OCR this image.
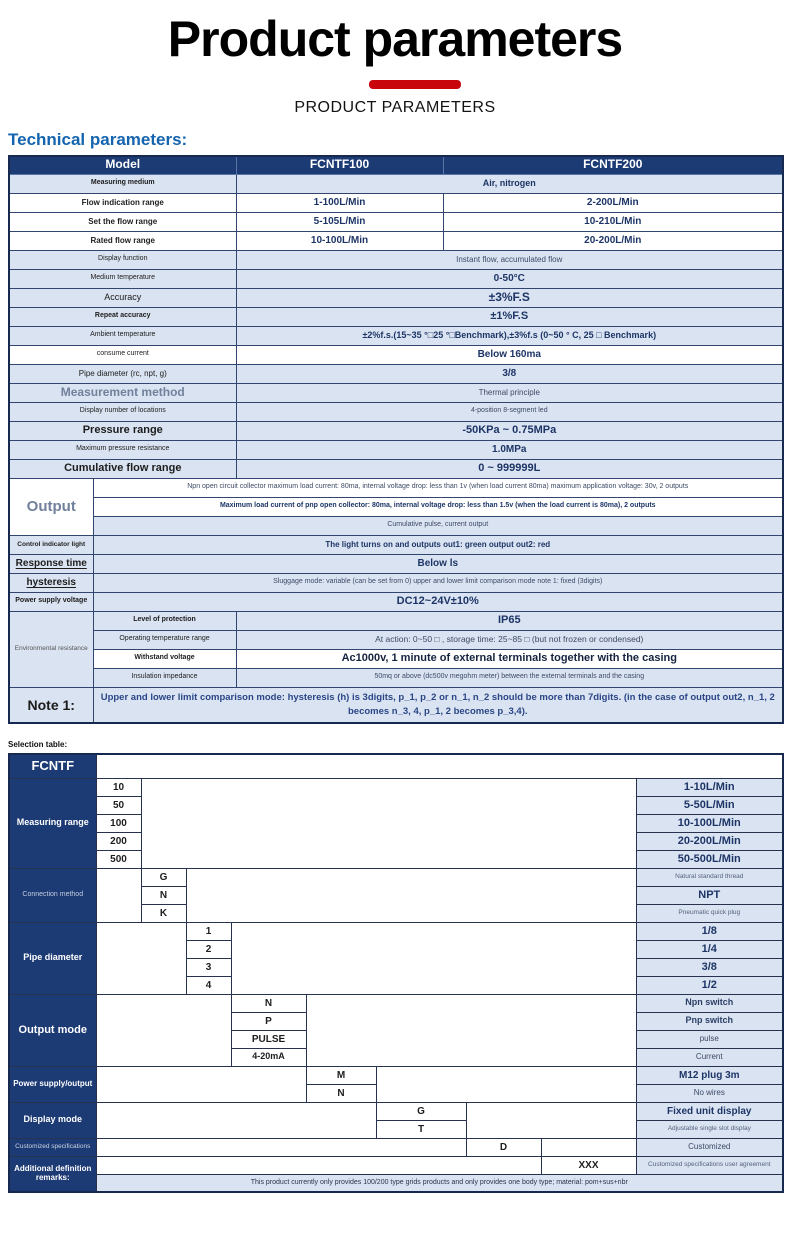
Product parameters
PRODUCT PARAMETERS
Technical parameters:
Model		FCNTF100	FCNTF200
Measuring medium		Air, nitrogen	
Flow indication range		1-100L/Min	2-200L/Min
Set the flow range		5-105L/Min	10-210L/Min
Rated flow range		10-100L/Min	20-200L/Min
Display function		Instant flow, accumulated flow	
Medium temperature		0-50°C	
Accuracy		±3%F.S	
Repeat accuracy		±1%F.S	
Ambient temperature		±2%f.s.(15~35 °□25 °□Benchmark),±3%f.s (0~50 ° C, 25 □ Benchmark)	
consume current		Below 160ma	
Pipe diameter (rc, npt, g)		3/8	
Measurement method		Thermal principle	
Display number of locations		4-position 8-segment led	
Pressure range		-50KPa ~ 0.75MPa	
Maximum pressure resistance		1.0MPa	
Cumulative flow range		0 ~ 999999L	
Output	Npn open circuit collector maximum load current: 80ma, internal voltage drop: less than 1v (when load current 80ma) maximum application voltage: 30v, 2 outputs		
	Maximum load current of pnp open collector: 80ma, internal voltage drop: less than 1.5v (when the load current is 80ma), 2 outputs		
	Cumulative pulse, current output		
Control indicator light	The light turns on and outputs out1: green output out2: red		
Response time	Below ls		
hysteresis	Sluggage mode: variable (can be set from 0) upper and lower limit comparison mode note 1: fixed (3digits)		
Power supply voltage	DC12~24V±10%		
Environmental resistance	Level of protection	IP65	
	Operating temperature range	At action: 0~50 □ , storage time: 25~85 □ (but not frozen or condensed)	
	Withstand voltage	Ac1000v, 1 minute of external terminals together with the casing	
	Insulation impedance	50mq or above (dc500v megohm meter) between the external terminals and the casing	
Note 1:	Upper and lower limit comparison mode: hysteresis (h) is 3digits, p_1, p_2 or n_1, n_2 should be more than 7digits. (in the case of output out2, n_1, 2 becomes n_3, 4, p_1, 2 becomes p_3,4).		
Selection table:
FCNTF									
Measuring range	10								1-10L/Min
	50								5-50L/Min
	100								10-100L/Min
	200								20-200L/Min
	500								50-500L/Min
Connection method		G							Natural standard thread
		N							NPT
		K							Pneumatic quick plug
Pipe diameter			1						1/8
			2						1/4
			3						3/8
			4						1/2
Output mode				N					Npn switch
				P					Pnp switch
				PULSE					pulse
				4-20mA					Current
Power supply/output					M				M12 plug 3m
					N				No wires
Display mode						G			Fixed unit display
						T			Adjustable single slot display
Customized specifications							D		Customized
Additional definition remarks:								XXX	Customized specifications user agreement
	This product currently only provides 100/200 type grids products and only provides one body type; material: pom+sus+nbr								
